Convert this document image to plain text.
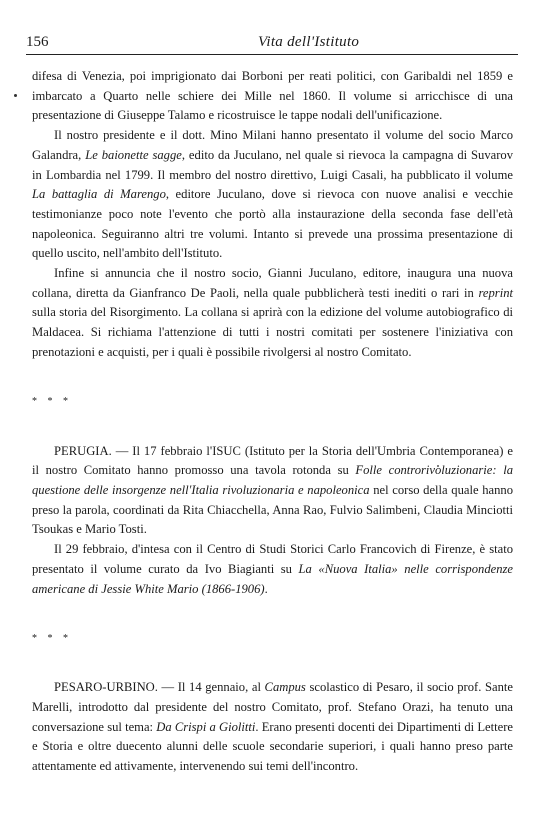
156	Vita dell'Istituto

difesa di Venezia, poi imprigionato dai Borboni per reati politici, con Garibaldi nel 1859 e imbarcato a Quarto nelle schiere dei Mille nel 1860. Il volume si arricchisce di una presentazione di Giuseppe Talamo e ricostruisce le tappe nodali dell'unificazione.

Il nostro presidente e il dott. Mino Milani hanno presentato il volume del socio Marco Galandra, Le baionette sagge, edito da Juculano, nel quale si rievoca la campagna di Suvarov in Lombardia nel 1799. Il membro del nostro direttivo, Luigi Casali, ha pubblicato il volume La battaglia di Marengo, editore Juculano, dove si rievoca con nuove analisi e vecchie testimonianze poco note l'evento che portò alla instaurazione della seconda fase dell'età napoleonica. Seguiranno altri tre volumi. Intanto si prevede una prossima presentazione di quello uscito, nell'ambito dell'Istituto.

Infine si annuncia che il nostro socio, Gianni Juculano, editore, inaugura una nuova collana, diretta da Gianfranco De Paoli, nella quale pubblicherà testi inediti o rari in reprint sulla storia del Risorgimento. La collana si aprirà con la edizione del volume autobiografico di Maldacea. Si richiama l'attenzione di tutti i nostri comitati per sostenere l'iniziativa con prenotazioni e acquisti, per i quali è possibile rivolgersi al nostro Comitato.

* * *

PERUGIA. — Il 17 febbraio l'ISUC (Istituto per la Storia dell'Umbria Contemporanea) e il nostro Comitato hanno promosso una tavola rotonda su Folle controrivoluzionarie: la questione delle insorgenze nell'Italia rivoluzionaria e napoleonica nel corso della quale hanno preso la parola, coordinati da Rita Chiacchella, Anna Rao, Fulvio Salimbeni, Claudia Minciotti Tsoukas e Mario Tosti.

Il 29 febbraio, d'intesa con il Centro di Studi Storici Carlo Francovich di Firenze, è stato presentato il volume curato da Ivo Biagianti su La «Nuova Italia» nelle corrispondenze americane di Jessie White Mario (1866-1906).

* * *

PESARO-URBINO. — Il 14 gennaio, al Campus scolastico di Pesaro, il socio prof. Sante Marelli, introdotto dal presidente del nostro Comitato, prof. Stefano Orazi, ha tenuto una conversazione sul tema: Da Crispi a Giolitti. Erano presenti docenti dei Dipartimenti di Lettere e Storia e oltre duecento alunni delle scuole secondarie superiori, i quali hanno preso parte attentamente ed attivamente, intervenendo sui temi dell'incontro.
